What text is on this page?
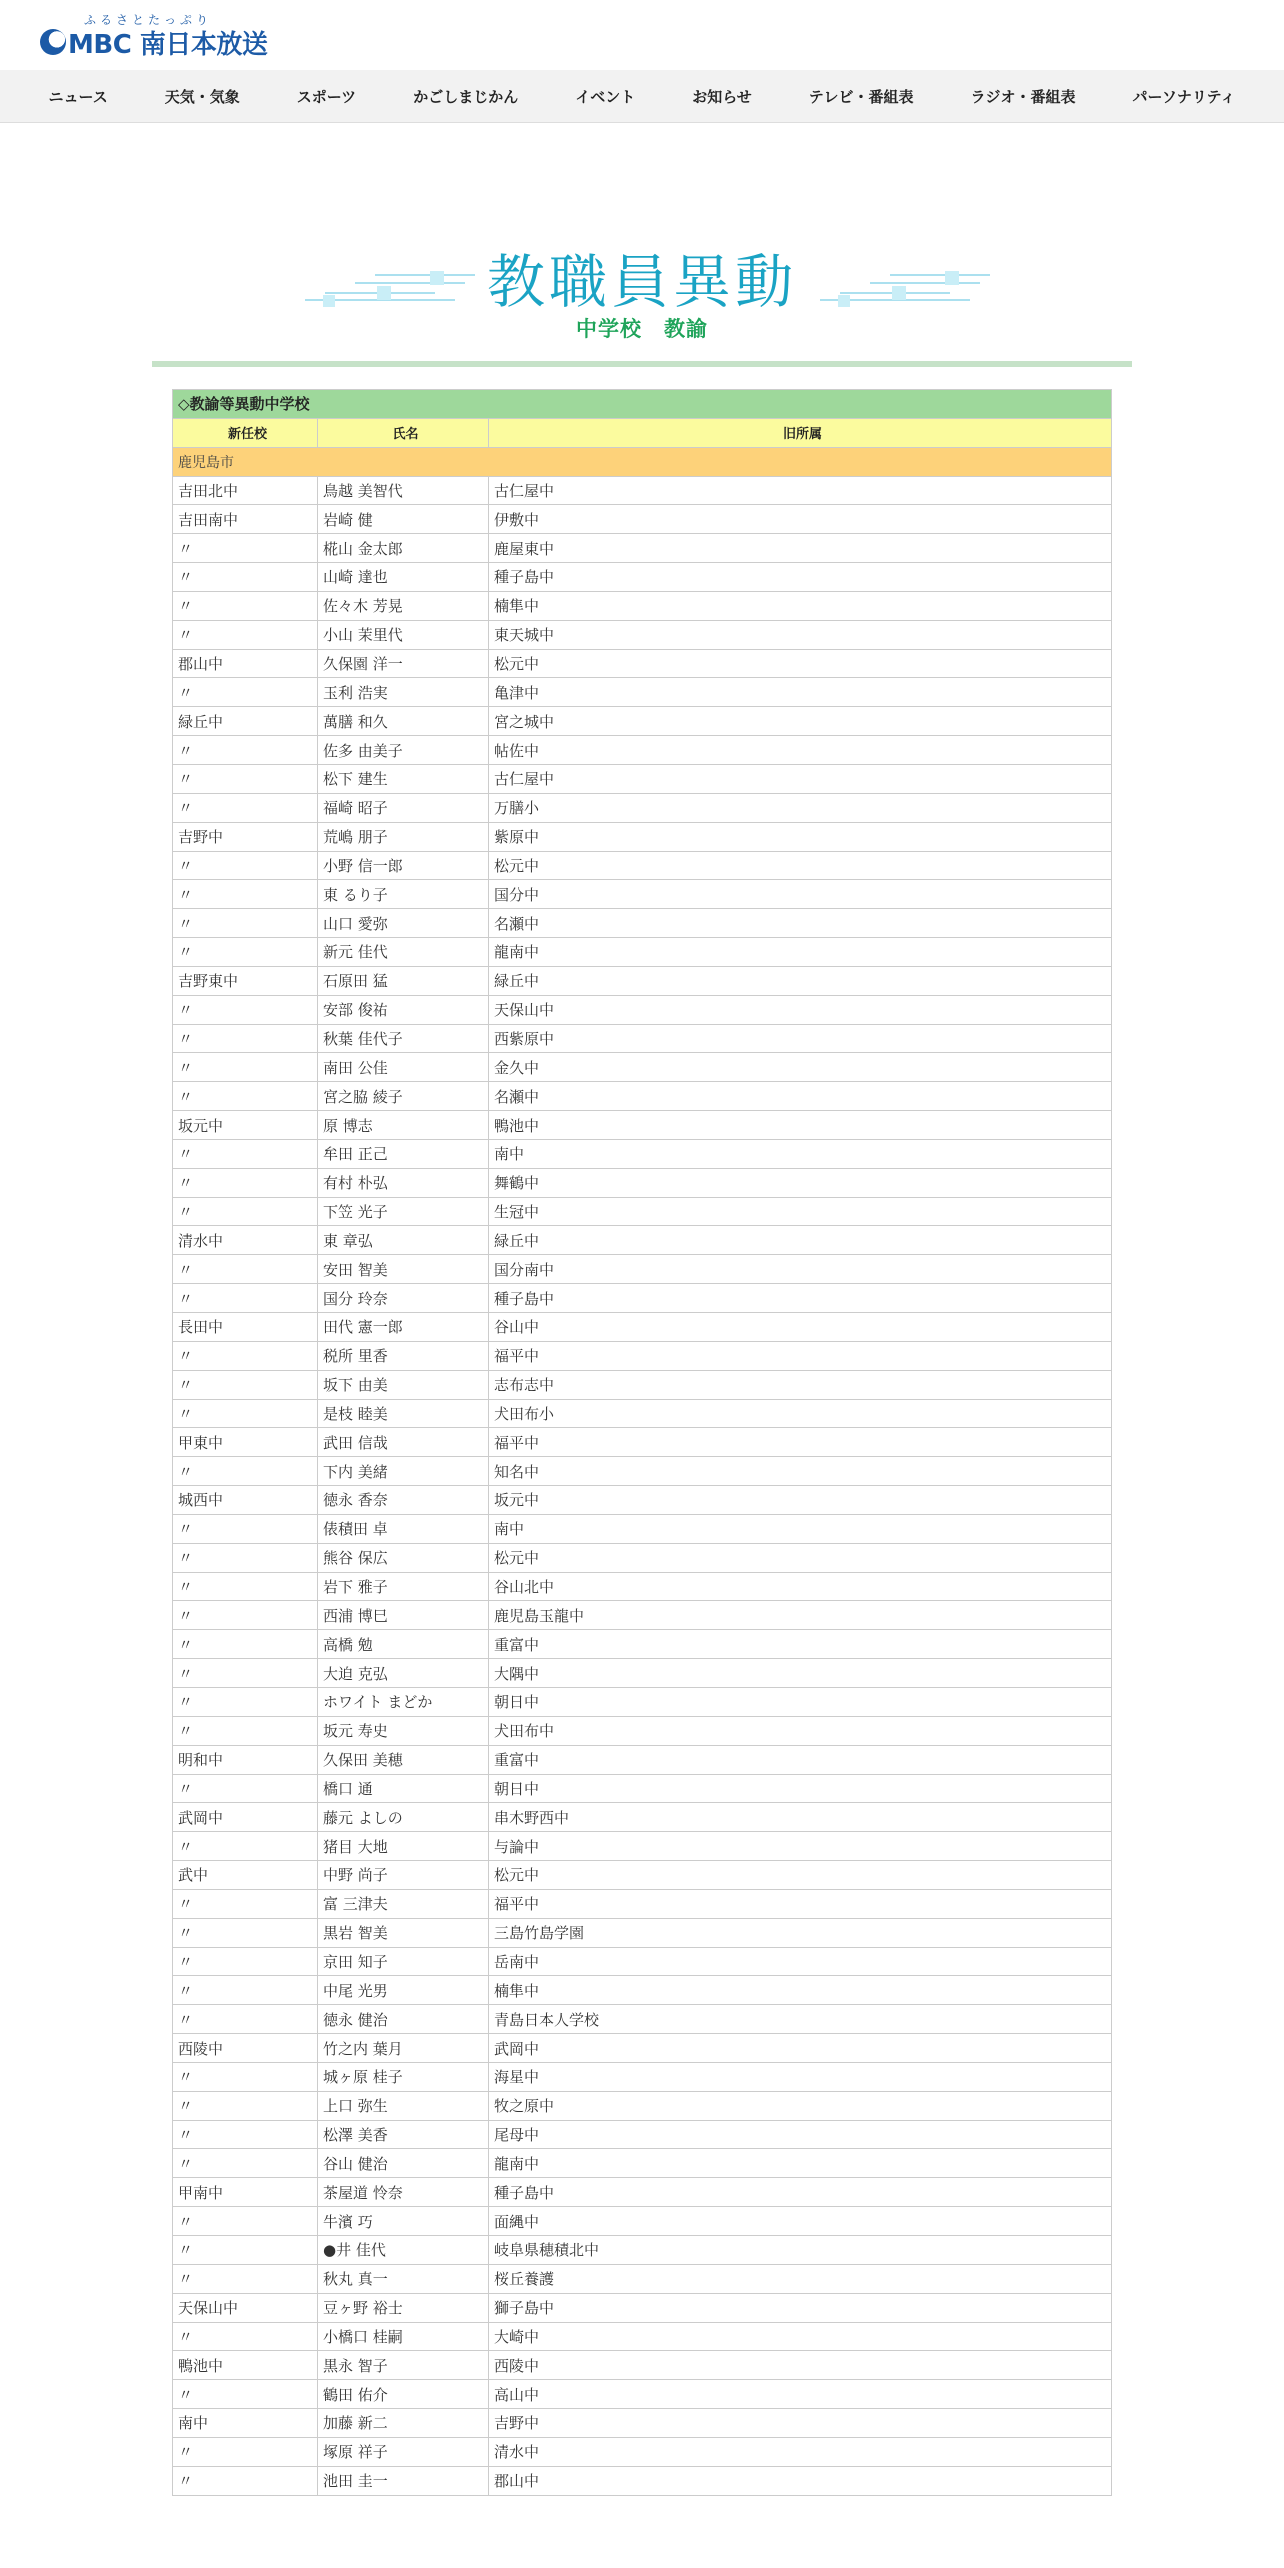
ふるさとたっぷり
MBC 南日本放送
ニュース	天気・気象	スポーツ	かごしまじかん	イベント	お知らせ	テレビ・番組表	ラジオ・番組表	パーソナリティ
教職員異動
中学校　教諭
◇教諭等異動中学校		
新任校	氏名	旧所属
鹿児島市		
吉田北中	鳥越 美智代	古仁屋中
吉田南中	岩崎 健	伊敷中
〃	椛山 金太郎	鹿屋東中
〃	山崎 達也	種子島中
〃	佐々木 芳晃	楠隼中
〃	小山 茉里代	東天城中
郡山中	久保園 洋一	松元中
〃	玉利 浩実	亀津中
緑丘中	萬膳 和久	宮之城中
〃	佐多 由美子	帖佐中
〃	松下 建生	古仁屋中
〃	福崎 昭子	万膳小
吉野中	荒嶋 朋子	紫原中
〃	小野 信一郎	松元中
〃	東 るり子	国分中
〃	山口 愛弥	名瀬中
〃	新元 佳代	龍南中
吉野東中	石原田 猛	緑丘中
〃	安部 俊祐	天保山中
〃	秋葉 佳代子	西紫原中
〃	南田 公佳	金久中
〃	宮之脇 綾子	名瀬中
坂元中	原 博志	鴨池中
〃	牟田 正己	南中
〃	有村 朴弘	舞鶴中
〃	下笠 光子	生冠中
清水中	東 章弘	緑丘中
〃	安田 智美	国分南中
〃	国分 玲奈	種子島中
長田中	田代 憲一郎	谷山中
〃	税所 里香	福平中
〃	坂下 由美	志布志中
〃	是枝 睦美	犬田布小
甲東中	武田 信哉	福平中
〃	下内 美緒	知名中
城西中	徳永 香奈	坂元中
〃	俵積田 卓	南中
〃	熊谷 保広	松元中
〃	岩下 雅子	谷山北中
〃	西浦 博巳	鹿児島玉龍中
〃	高橋 勉	重富中
〃	大迫 克弘	大隅中
〃	ホワイト まどか	朝日中
〃	坂元 寿史	犬田布中
明和中	久保田 美穂	重富中
〃	橋口 通	朝日中
武岡中	藤元 よしの	串木野西中
〃	猪目 大地	与論中
武中	中野 尚子	松元中
〃	富 三津夫	福平中
〃	黒岩 智美	三島竹島学園
〃	京田 知子	岳南中
〃	中尾 光男	楠隼中
〃	徳永 健治	青島日本人学校
西陵中	竹之内 葉月	武岡中
〃	城ヶ原 桂子	海星中
〃	上口 弥生	牧之原中
〃	松澤 美香	尾母中
〃	谷山 健治	龍南中
甲南中	茶屋道 怜奈	種子島中
〃	牛濱 巧	面縄中
〃	●井 佳代	岐阜県穂積北中
〃	秋丸 真一	桜丘養護
天保山中	豆ヶ野 裕士	獅子島中
〃	小橋口 桂嗣	大崎中
鴨池中	黒永 智子	西陵中
〃	鶴田 佑介	高山中
南中	加藤 新二	吉野中
〃	塚原 祥子	清水中
〃	池田 圭一	郡山中
